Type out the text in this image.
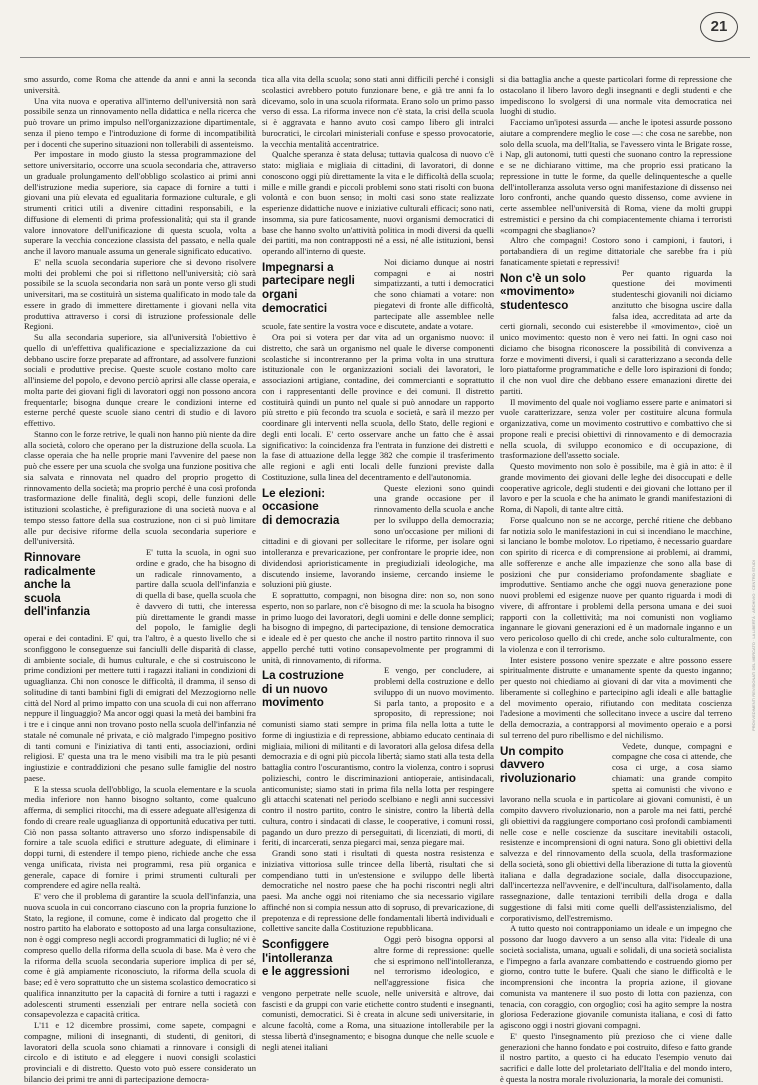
21
PROVVEDIMENTI REVISIONATI DEL MERCATO · LA LIBERTÀ · ARCHIVIO · CENTRO STUDI

smo assurdo, come Roma che attende da anni e anni la seconda università.

Una vita nuova e operativa all'interno dell'università non sarà possibile senza un rinnovamento nella didattica e nella ricerca che può trovare un primo impulso nell'organizzazione dipartimentale, senza il pieno tempo e l'introduzione di forme di incompatibilità per i docenti che superino situazioni non tollerabili di assenteismo.

Per impostare in modo giusto la stessa programmazione del settore universitario, occorre una scuola secondaria che, attraverso un graduale prolungamento dell'obbligo scolastico ai primi anni dell'istruzione media superiore, sia capace di fornire a tutti i giovani una più elevata ed egualitaria formazione culturale, e gli strumenti critici utili a divenire cittadini responsabili, e la diffusione di elementi di prima professionalità; qui sta il grande valore innovatore dell'unificazione di questa scuola, volta a superare la vecchia concezione classista del passato, e nella quale anche il lavoro manuale assuma un generale significato educativo.

E' nella scuola secondaria superiore che si devono risolvere molti dei problemi che poi si riflettono nell'università; ciò sarà possibile se la scuola secondaria non sarà un ponte verso gli studi universitari, ma se costituirà un sistema qualificato in modo tale da essere in grado di immettere direttamente i giovani nella vita produttiva attraverso i corsi di istruzione professionale delle Regioni.

Su alla secondaria superiore, sia all'università l'obiettivo è quello di un'effettiva qualificazione e specializzazione da cui debbano uscire forze preparate ad affrontare, ad assolvere funzioni sociali e produttive precise. Queste scuole costano molto care all'insieme del popolo, e devono perciò aprirsi alle classe operaia, e molta parte dei giovani figli di lavoratori oggi non possono ancora frequentarle; bisogna dunque creare le condizioni interne ed esterne perché queste scuole siano centri di studio e di lavoro effettivo.

Stanno con le forze retrive, le quali non hanno più niente da dire alla società, coloro che operano per la distruzione della scuola. La classe operaia che ha nelle proprie mani l'avvenire del paese non può che essere per una scuola che svolga una funzione positiva che sia salvata e rinnovata nel quadro del proprio progetto di rinnovamento della società; ma proprio perché è una così profonda trasformazione delle finalità, degli scopi, delle funzioni delle istituzioni scolastiche, è prefigurazione di una società nuova e al tempo stesso fattore della sua costruzione, non ci si può limitare alle pur decisive riforme della scuola secondaria superiore e dell'università.

Rinnovare
radicalmente anche la
scuola dell'infanzia

E' tutta la scuola, in ogni suo ordine e grado, che ha bisogno di un radicale rinnovamento, a partire dalla scuola dell'infanzia e di quella di base, quella scuola che è davvero di tutti, che interessa più direttamente le grandi masse del popolo, le famiglie degli operai e dei contadini. E' qui, tra l'altro, è a questo livello che si sconfiggono le conseguenze sui fanciulli delle disparità di classe, di ambiente sociale, di humus culturale, e che si costruiscono le prime condizioni per mettere tutti i ragazzi italiani in condizioni di uguaglianza. Chi non conosce le difficoltà, il dramma, il senso di solitudine di tanti bambini figli di emigrati del Mezzogiorno nelle città del Nord al primo impatto con una scuola di cui non afferrano neppure il linguaggio? Ma ancor oggi quasi la metà dei bambini fra i tre e i cinque anni non trovano posto nella scuola dell'infanzia né statale né comunale né privata, e ciò malgrado l'impegno positivo di tanti comuni e l'iniziativa di tanti enti, associazioni, ordini religiosi. E' questa una tra le meno visibili ma tra le più pesanti ingiustizie e contraddizioni che pesano sulle famiglie del nostro paese.

E la stessa scuola dell'obbligo, la scuola elementare e la scuola media inferiore non hanno bisogno soltanto, come qualcuno afferma, di semplici ritocchi, ma di essere adeguate all'esigenza di fondo di creare reale uguaglianza di opportunità educativa per tutti. Ciò non passa soltanto attraverso uno sforzo indispensabile di fornire a tale scuola edifici e strutture adeguate, di eliminare i doppi turni, di estendere il tempo pieno, richiede anche che essa venga unificata, rivista nei programmi, resa più organica e generale, capace di fornire i primi strumenti culturali per comprendere ed agire nella realtà.

E' vero che il problema di garantire la scuola dell'infanzia, una nuova scuola in cui concorrano ciascuno con la propria funzione lo Stato, la regione, il comune, come è indicato dal progetto che il nostro partito ha elaborato e sottoposto ad una larga consultazione, non è oggi compreso negli accordi programmatici di luglio; né vi è compreso quello della riforma della scuola di base. Ma è vero che la riforma della scuola secondaria superiore implica di per sé, come è già ampiamente riconosciuto, la riforma della scuola di base; ed è vero soprattutto che un sistema scolastico democratico si qualifica innanzitutto per la capacità di fornire a tutti i ragazzi e adolescenti strumenti essenziali per entrare nella società con consapevolezza e capacità critica.

L'11 e 12 dicembre prossimi, come sapete, compagni e compagne, milioni di insegnanti, di studenti, di genitori, di lavoratori della scuola sono chiamati a rinnovare i consigli di circolo e di istituto e ad eleggere i nuovi consigli scolastici provinciali e di distretto. Questo voto può essere considerato un bilancio dei primi tre anni di partecipazione democra-

tica alla vita della scuola; sono stati anni difficili perché i consigli scolastici avrebbero potuto funzionare bene, e già tre anni fa lo dicevamo, solo in una scuola riformata. Erano solo un primo passo verso di essa. La riforma invece non c'è stata, la crisi della scuola si è aggravata e hanno avuto così campo libero gli intralci burocratici, le circolari ministeriali confuse e spesso provocatorie, la vecchia mentalità accentratrice.

Qualche speranza è stata delusa; tuttavia qualcosa di nuovo c'è stato: migliaia e migliaia di cittadini, di lavoratori, di donne conoscono oggi più direttamente la vita e le difficoltà della scuola; mille e mille grandi e piccoli problemi sono stati risolti con buona volontà e con buon senso; in molti casi sono state realizzate esperienze didattiche nuove e iniziative culturali efficaci; sono nati, insomma, sia pure faticosamente, nuovi organismi democratici di base che hanno svolto un'attività politica in modi diversi da quelli dei partiti, ma non contrapposti né a essi, né alle istituzioni, bensì operando all'interno di queste.

Impegnarsi a
partecipare negli
organi democratici

Noi diciamo dunque ai nostri compagni e ai nostri simpatizzanti, a tutti i democratici che sono chiamati a votare: non piegatevi di fronte alle difficoltà, partecipate alle assemblee nelle scuole, fate sentire la vostra voce e discutete, andate a votare.

Ora poi si votera per dar vita ad un organismo nuovo: il distretto, che sarà un organismo nel quale le diverse componenti scolastiche si incontreranno per la prima volta in una struttura istituzionale con le organizzazioni sociali dei lavoratori, le associazioni artigiane, contadine, dei commercianti e soprattutto con i rappresentanti delle province e dei comuni. Il distretto costituirà quindi un punto nel quale si può annodare un rapporto più stretto e più fecondo tra scuola e società, e sarà il mezzo per coordinare gli interventi nella scuola, dello Stato, delle regioni e degli enti locali. E' certo osservare anche un fatto che è assai significativo: la coincidenza fra l'entrata in funzione dei distretti e la fase di attuazione della legge 382 che compie il trasferimento alle regioni e agli enti locali delle funzioni previste dalla Costituzione, sulla linea del decentramento e dell'autonomia.

Le elezioni:
occasione
di democrazia

Queste elezioni sono quindi una grande occasione per il rinnovamento della scuola e anche per lo sviluppo della democrazia; sono un'occasione per milioni di cittadini e di giovani per sollecitare le riforme, per isolare ogni intolleranza e prevaricazione, per confrontare le proprie idee, non dividendosi aprioristicamente in pregiudiziali ideologiche, ma discutendo insieme, lavorando insieme, cercando insieme le soluzioni più giuste.

E soprattutto, compagni, non bisogna dire: non so, non sono esperto, non so parlare, non c'è bisogno di me: la scuola ha bisogno in primo luogo dei lavoratori, degli uomini e delle donne semplici; ha bisogno di impegno, di partecipazione, di tensione democratica e ideale ed è per questo che anche il nostro partito rinnova il suo appello perché tutti votino consapevolmente per programmi di unità, di rinnovamento, di riforma.

La costruzione
di un nuovo
movimento

E vengo, per concludere, ai problemi della costruzione e dello sviluppo di un nuovo movimento. Si parla tanto, a proposito e a sproposito, di repressione; noi comunisti siamo stati sempre in prima fila nella lotta a tutte le forme di ingiustizia e di repressione, abbiamo educato centinaia di migliaia, milioni di militanti e di lavoratori alla gelosa difesa della democrazia e di ogni più piccola libertà; siamo stati alla testa della battaglia contro l'oscurantismo, contro la violenza, contro i soprusi polizieschi, contro le discriminazioni antioperaie, antisindacali, anticomuniste; siamo stati in prima fila nella lotta per respingere gli attacchi scatenati nel periodo scelbiano e negli anni successivi contro il nostro partito, contro le sinistre, contro la libertà della cultura, contro i sindacati di classe, le cooperative, i comuni rossi, pagando un duro prezzo di perseguitati, di licenziati, di morti, di feriti, di incarcerati, senza piegarci mai, senza piegare mai.

Grandi sono stati i risultati di questa nostra resistenza e iniziativa vittoriosa sulle trincee della libertà, risultati che si compendiano tutti in un'estensione e sviluppo delle libertà democratiche nel nostro paese che ha pochi riscontri negli altri paesi. Ma anche oggi noi riteniamo che sia necessario vigilare affinché non si compia nessun atto di sopruso, di prevaricazione, di prepotenza e di repressione delle fondamentali libertà individuali e collettive sancite dalla Costituzione repubblicana.

Sconfiggere
l'intolleranza
e le aggressioni

Oggi però bisogna opporsi al altre forme di repressione: quelle che si esprimono nell'intolleranza, nel terrorismo ideologico, e nell'aggressione fisica che vengono perpetrate nelle scuole, nelle università e altrove, dai fascisti e da gruppi con varie etichette contro studenti e insegnanti, comunisti, democratici. Si è creata in alcune sedi universitarie, in alcune facoltà, come a Roma, una situazione intollerabile per la stessa libertà d'insegnamento; e bisogna dunque che nelle scuole e negli atenei italiani

si dia battaglia anche a queste particolari forme di repressione che ostacolano il libero lavoro degli insegnanti e degli studenti e che impediscono lo svolgersi di una normale vita democratica nei luoghi di studio.

Facciamo un'ipotesi assurda — anche le ipotesi assurde possono aiutare a comprendere meglio le cose —: che cosa ne sarebbe, non solo della scuola, ma dell'Italia, se l'avessero vinta le Brigate rosse, i Nap, gli autonomi, tutti questi che suonano contro la repressione e se ne dichiarano vittime, ma che proprio essi praticano la repressione in tutte le forme, da quelle delinquentesche a quelle dell'intolleranza assoluta verso ogni manifestazione di dissenso nei loro confronti, anche quando questo dissenso, come avviene in certe assemblee nell'università di Roma, viene da molti gruppi estremistici e persino da chi compiacentemente chiama i terroristi «compagni che sbagliano»?

Altro che compagni! Costoro sono i campioni, i fautori, i portabandiera di un regime dittatoriale che sarebbe fra i più fanaticamente spietati e repressivi!

Non c'è un solo
«movimento»
studentesco

Per quanto riguarda la questione dei movimenti studenteschi giovanili noi diciamo anzitutto che bisogna uscire dalla falsa idea, accreditata ad arte da certi giornali, secondo cui esisterebbe il «movimento», cioè un unico movimento: questo non è vero nei fatti. In ogni caso noi diciamo che bisogna riconoscere la possibilità di convivenza a forze e movimenti diversi, i quali si caratterizzano a seconda delle loro piattaforme programmatiche e delle loro ispirazioni di fondo; il che non vuol dire che debbano essere emanazioni dirette dei partiti.

Il movimento del quale noi vogliamo essere parte e animatori si vuole caratterizzare, senza voler per costituire alcuna formula organizzativa, come un movimento costruttivo e combattivo che si propone reali e precisi obiettivi di rinnovamento e di democrazia nella scuola, di sviluppo economico e di occupazione, di trasformazione dell'assetto sociale.

Questo movimento non solo è possibile, ma è già in atto: è il grande movimento dei giovani delle leghe dei disoccupati e delle cooperative agricole, degli studenti e dei giovani che lottano per il lavoro e per la scuola e che ha animato le grandi manifestazioni di Roma, di Napoli, di tante altre città.

Forse qualcuno non se ne accorge, perché ritiene che debbano far notizia solo le manifestazioni in cui si incendiano le macchine, si lanciano le bombe molotov. Lo ripetiamo, è necessario guardare con spirito di ricerca e di comprensione ai problemi, ai drammi, alle sofferenze e anche alle impazienze che sono alla base di posizioni che pur consideriamo profondamente sbagliate e improduttive. Sentiamo anche che oggi nuova generazione pone nuovi problemi ed esigenze nuove per quanto riguarda i modi di vivere, di affrontare i problemi della persona umana e dei suoi rapporti con la collettività; ma noi comunisti non vogliamo ingannare le giovani generazioni ed è un madornale inganno e un vero pericoloso quello di chi crede, anche solo culturalmente, con la violenza e con il terrorismo.

Inter esistere possono venire spezzate e altre possono essere spiritualmente distrutte e umanamente spente da questo inganno; per questo noi chiediamo ai giovani di dar vita a movimenti che liberamente si colleghino e partecipino agli ideali e alle battaglie del movimento operaio, rifiutando con meditata coscienza l'adesione a movimenti che sollecitano invece a uscire dal terreno della democrazia, a contrapporsi al movimento operaio e a porsi sul terreno del puro ribellismo e del nichilismo.

Un compito
davvero
rivoluzionario

Vedete, dunque, compagni e compagne che cosa ci attende, che cosa ci urge, a cosa siamo chiamati: una grande compito spetta ai comunisti che vivono e lavorano nella scuola e in particolare ai giovani comunisti, è un compito davvero rivoluzionario, non a parole ma nei fatti, perché gli obiettivi da raggiungere comportano così profondi cambiamenti nelle cose e nelle coscienze da suscitare inevitabili ostacoli, resistenze e incomprensioni di ogni natura. Sono gli obiettivi della salvezza e del rinnovamento della scuola, della trasformazione della società, sono gli obiettivi della liberazione di tutta la gioventù italiana e dalla degradazione sociale, dalla disoccupazione, dall'incertezza nell'avvenire, e dell'incultura, dall'isolamento, dalla rassegnazione, dalle tentazioni terribili della droga e dalla suggestione di falsi miti come quelli dell'assistenzialismo, del corporativismo, dell'estremismo.

A tutto questo noi contrapponiamo un ideale e un impegno che possono dar luogo davvero a un senso alla vita: l'ideale di una società socialista, umana, uguali e solidali, di una società socialista e l'impegno a farla avanzare combattendo e costruendo giorno per giorno, contro tutte le bufere. Quali che siano le difficoltà e le incomprensioni che incontra la propria azione, il giovane comunista va mantenere il suo posto di lotta con pazienza, con tenacia, con coraggio, con orgoglio; così ha agito sempre la nostra gloriosa Federazione giovanile comunista italiana, e così di fatto agiscono oggi i nostri giovani compagni.

E' questo l'insegnamento più prezioso che ci viene dalle generazioni che hanno fondato e poi costruito, difeso e fatto grande il nostro partito, a questo ci ha educato l'esempio venuto dai sacrifici e dalle lotte del proletariato dell'Italia e del mondo intero, è questa la nostra morale rivoluzionaria, la morale dei comunisti.
